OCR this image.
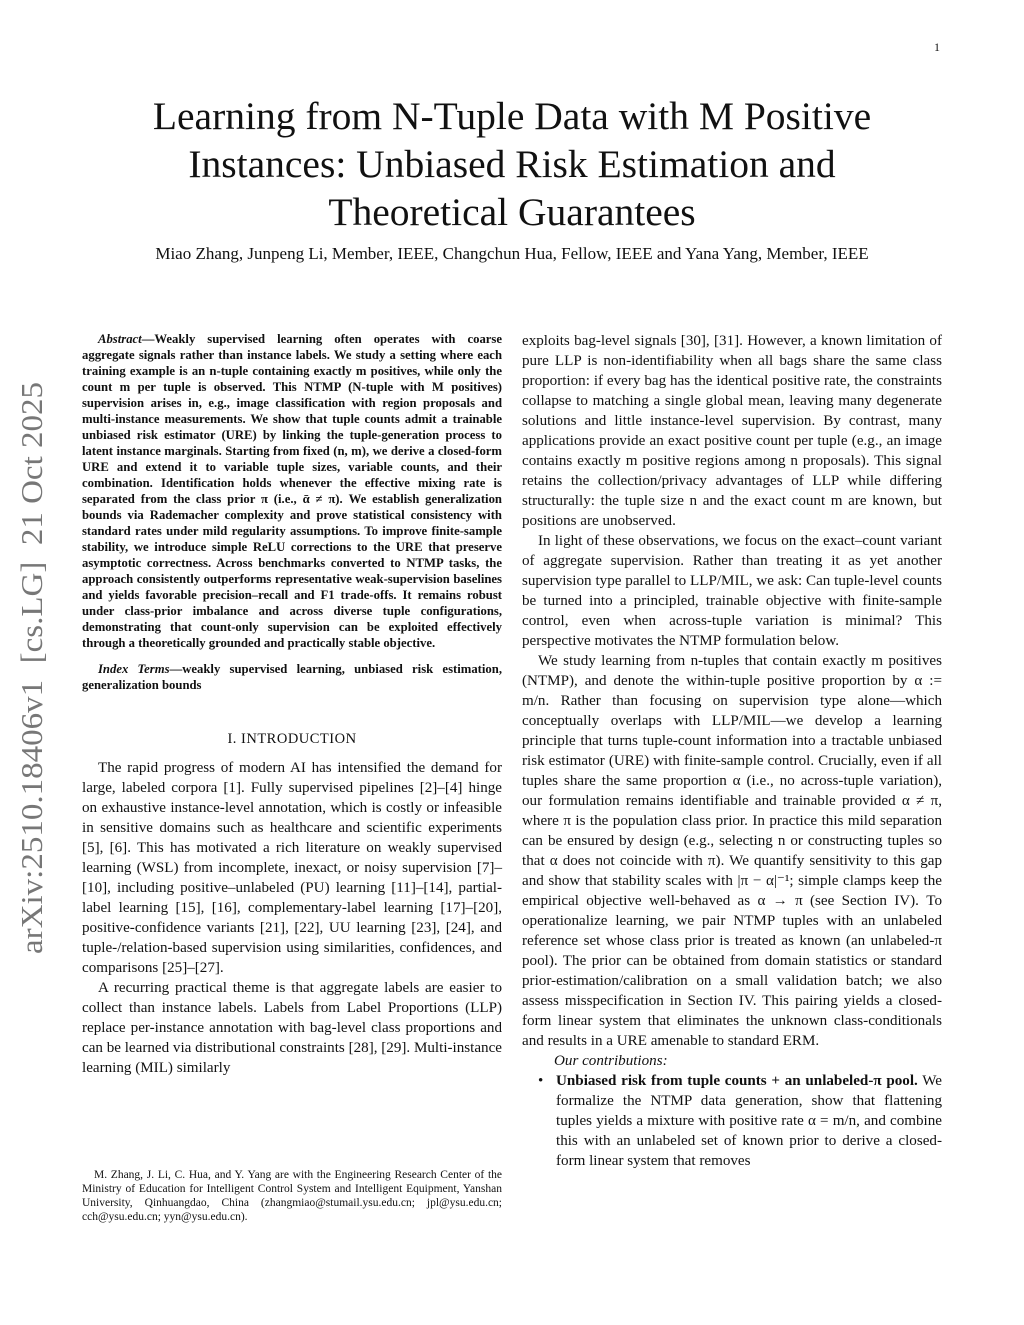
1
arXiv:2510.18406v1  [cs.LG]  21 Oct 2025
Learning from N-Tuple Data with M Positive
Instances: Unbiased Risk Estimation and
Theoretical Guarantees
Miao Zhang, Junpeng Li, Member, IEEE, Changchun Hua, Fellow, IEEE and Yana Yang, Member, IEEE

Abstract—Weakly supervised learning often operates with coarse aggregate signals rather than instance labels. We study a setting where each training example is an n-tuple containing exactly m positives, while only the count m per tuple is observed. This NTMP (N-tuple with M positives) supervision arises in, e.g., image classification with region proposals and multi-instance measurements. We show that tuple counts admit a trainable unbiased risk estimator (URE) by linking the tuple-generation process to latent instance marginals. Starting from fixed (n, m), we derive a closed-form URE and extend it to variable tuple sizes, variable counts, and their combination. Identification holds whenever the effective mixing rate is separated from the class prior π (i.e., ᾱ ≠ π). We establish generalization bounds via Rademacher complexity and prove statistical consistency with standard rates under mild regularity assumptions. To improve finite-sample stability, we introduce simple ReLU corrections to the URE that preserve asymptotic correctness. Across benchmarks converted to NTMP tasks, the approach consistently outperforms representative weak-supervision baselines and yields favorable precision–recall and F1 trade-offs. It remains robust under class-prior imbalance and across diverse tuple configurations, demonstrating that count-only supervision can be exploited effectively through a theoretically grounded and practically stable objective.

Index Terms—weakly supervised learning, unbiased risk estimation, generalization bounds

I. INTRODUCTION

The rapid progress of modern AI has intensified the demand for large, labeled corpora [1]. Fully supervised pipelines [2]–[4] hinge on exhaustive instance-level annotation, which is costly or infeasible in sensitive domains such as healthcare and scientific experiments [5], [6]. This has motivated a rich literature on weakly supervised learning (WSL) from incomplete, inexact, or noisy supervision [7]–[10], including positive–unlabeled (PU) learning [11]–[14], partial-label learning [15], [16], complementary-label learning [17]–[20], positive-confidence variants [21], [22], UU learning [23], [24], and tuple-/relation-based supervision using similarities, confidences, and comparisons [25]–[27].

A recurring practical theme is that aggregate labels are easier to collect than instance labels. Labels from Label Proportions (LLP) replace per-instance annotation with bag-level class proportions and can be learned via distributional constraints [28], [29]. Multi-instance learning (MIL) similarly

M. Zhang, J. Li, C. Hua, and Y. Yang are with the Engineering Research Center of the Ministry of Education for Intelligent Control System and Intelligent Equipment, Yanshan University, Qinhuangdao, China (zhangmiao@stumail.ysu.edu.cn; jpl@ysu.edu.cn; cch@ysu.edu.cn; yyn@ysu.edu.cn).

exploits bag-level signals [30], [31]. However, a known limitation of pure LLP is non-identifiability when all bags share the same class proportion: if every bag has the identical positive rate, the constraints collapse to matching a single global mean, leaving many degenerate solutions and little instance-level supervision. By contrast, many applications provide an exact positive count per tuple (e.g., an image contains exactly m positive regions among n proposals). This signal retains the collection/privacy advantages of LLP while differing structurally: the tuple size n and the exact count m are known, but positions are unobserved.

In light of these observations, we focus on the exact–count variant of aggregate supervision. Rather than treating it as yet another supervision type parallel to LLP/MIL, we ask: Can tuple-level counts be turned into a principled, trainable objective with finite-sample control, even when across-tuple variation is minimal? This perspective motivates the NTMP formulation below.

We study learning from n-tuples that contain exactly m positives (NTMP), and denote the within-tuple positive proportion by α := m/n. Rather than focusing on supervision type alone—which conceptually overlaps with LLP/MIL—we develop a learning principle that turns tuple-count information into a tractable unbiased risk estimator (URE) with finite-sample control. Crucially, even if all tuples share the same proportion α (i.e., no across-tuple variation), our formulation remains identifiable and trainable provided α ≠ π, where π is the population class prior. In practice this mild separation can be ensured by design (e.g., selecting n or constructing tuples so that α does not coincide with π). We quantify sensitivity to this gap and show that stability scales with |π − α|⁻¹; simple clamps keep the empirical objective well-behaved as α → π (see Section IV). To operationalize learning, we pair NTMP tuples with an unlabeled reference set whose class prior is treated as known (an unlabeled-π pool). The prior can be obtained from domain statistics or standard prior-estimation/calibration on a small validation batch; we also assess misspecification in Section IV. This pairing yields a closed-form linear system that eliminates the unknown class-conditionals and results in a URE amenable to standard ERM.

Our contributions:

• Unbiased risk from tuple counts + an unlabeled-π pool. We formalize the NTMP data generation, show that flattening tuples yields a mixture with positive rate α = m/n, and combine this with an unlabeled set of known prior to derive a closed-form linear system that removes
